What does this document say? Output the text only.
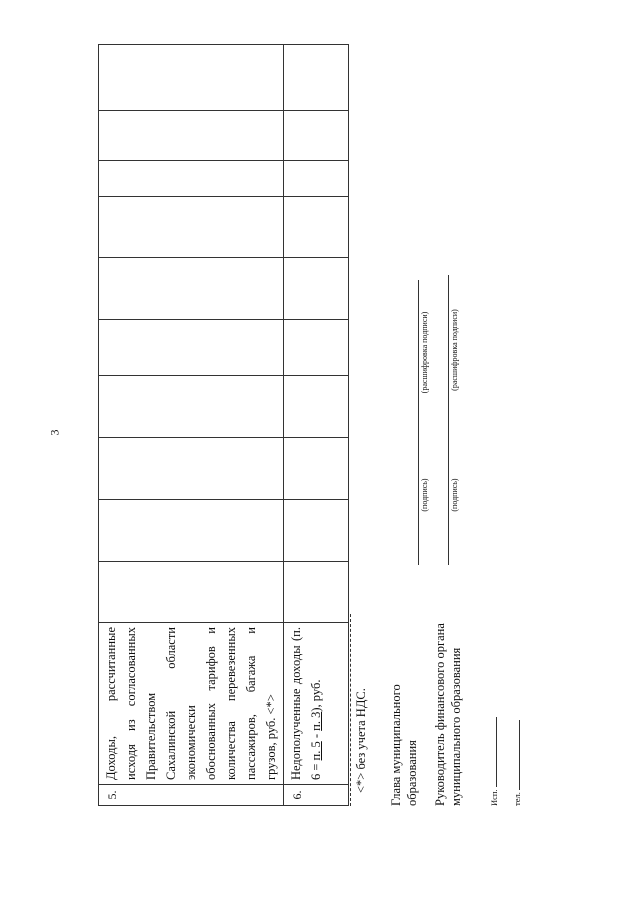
3
5.	Доходы, рассчитанные исходя из согласованных Правительством Сахалинской области экономически обоснованных тарифов и количества перевезенных пассажиров, багажа и грузов, руб. <*>										
6.	Недополученные доходы (п. 6 = п. 5 - п. 3), руб.										<*> без учета НДС. Глава муниципального образования
(подпись)
(расшифровка подписи)
Руководитель финансового органа муниципального образования
(подпись)
(расшифровка подписи)
Исп. тел.
